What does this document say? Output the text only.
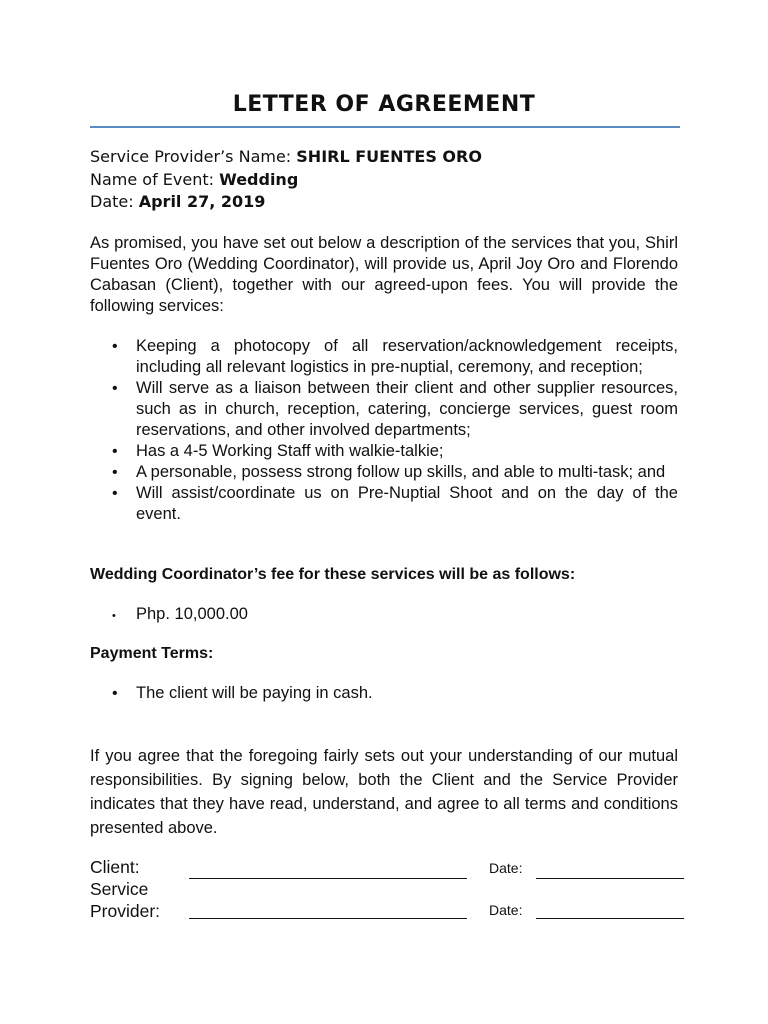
LETTER OF AGREEMENT
Service Provider’s Name: SHIRL FUENTES ORO
Name of Event: Wedding
Date: April 27, 2019
As promised, you have set out below a description of the services that you, Shirl Fuentes Oro (Wedding Coordinator), will provide us, April Joy Oro and Florendo Cabasan (Client), together with our agreed-upon fees. You will provide the following services:
• Keeping a photocopy of all reservation/acknowledgement receipts, including all relevant logistics in pre-nuptial, ceremony, and reception;
• Will serve as a liaison between their client and other supplier resources, such as in church, reception, catering, concierge services, guest room reservations, and other involved departments;
• Has a 4-5 Working Staff with walkie-talkie;
• A personable, possess strong follow up skills, and able to multi-task; and
• Will assist/coordinate us on Pre-Nuptial Shoot and on the day of the event.
Wedding Coordinator’s fee for these services will be as follows:
• Php. 10,000.00
Payment Terms:
• The client will be paying in cash.
If you agree that the foregoing fairly sets out your understanding of our mutual responsibilities. By signing below, both the Client and the Service Provider indicates that they have read, understand, and agree to all terms and conditions presented above.
Client:	Date:
Service
Provider:	Date:
